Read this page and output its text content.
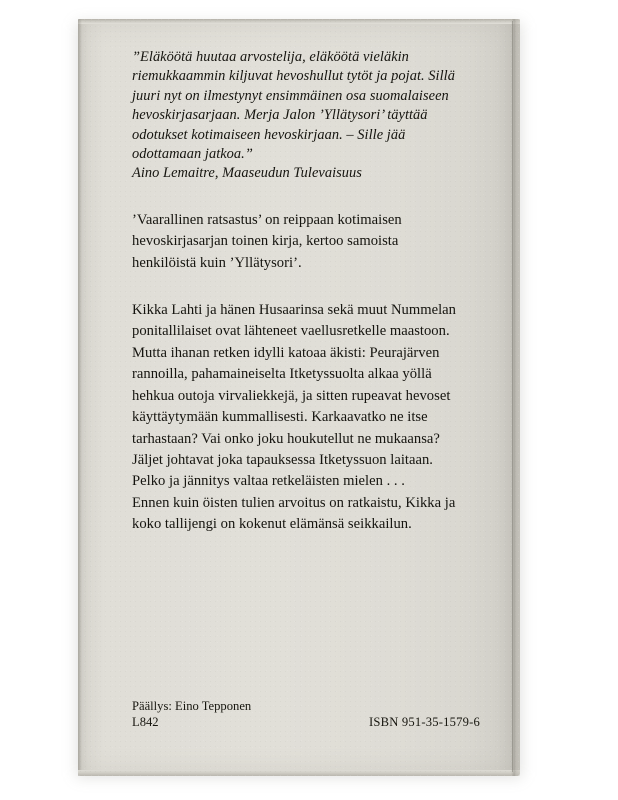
”Eläköötä huutaa arvostelija, eläköötä vieläkin riemukkaammin kiljuvat hevoshullut tytöt ja pojat. Sillä juuri nyt on ilmestynyt ensimmäinen osa suomalaiseen hevoskirjasarjaan. Merja Jalon ’Yllätysori’ täyttää odotukset kotimaiseen hevoskirjaan. – Sille jää odottamaan jatkoa.”
Aino Lemaitre, Maaseudun Tulevaisuus
’Vaarallinen ratsastus’ on reippaan kotimaisen hevoskirjasarjan toinen kirja, kertoo samoista henkilöistä kuin ’Yllätysori’.
Kikka Lahti ja hänen Husaarinsa sekä muut Nummelan ponitallilaiset ovat lähteneet vaellusretkelle maastoon. Mutta ihanan retken idylli katoaa äkisti: Peurajärven rannoilla, pahamaineiselta Itketyssuolta alkaa yöllä hehkua outoja virvaliekkejä, ja sitten rupeavat hevoset käyttäytymään kummallisesti. Karkaavatko ne itse tarhastaan? Vai onko joku houkutellut ne mukaansa? Jäljet johtavat joka tapauksessa Itketyssuon laitaan. Pelko ja jännitys valtaa retkeläisten mielen . . .
Ennen kuin öisten tulien arvoitus on ratkaistu, Kikka ja koko tallijengi on kokenut elämänsä seikkailun.
Päällys: Eino Tepponen
L842	ISBN 951-35-1579-6
